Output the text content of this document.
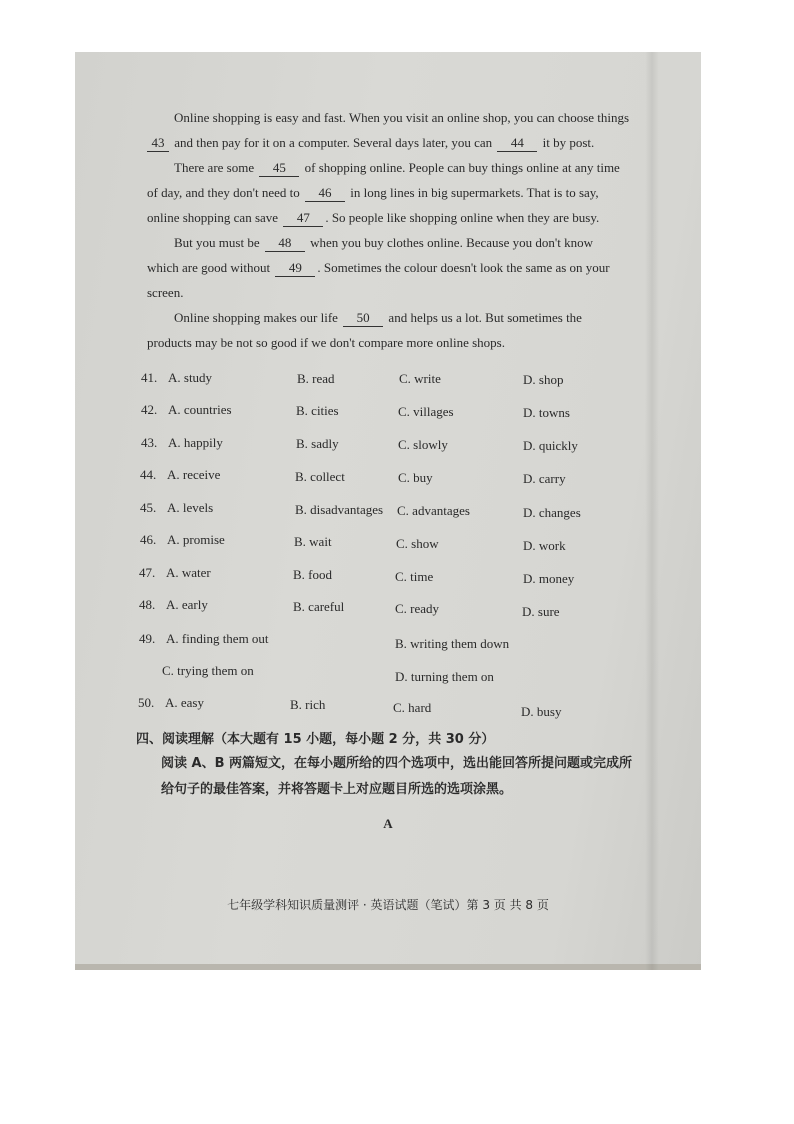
Online shopping is easy and fast. When you visit an online shop, you can choose things
43 and then pay for it on a computer. Several days later, you can 44 it by post.
There are some 45 of shopping online. People can buy things online at any time
of day, and they don't need to 46 in long lines in big supermarkets. That is to say,
online shopping can save 47 . So people like shopping online when they are busy.
But you must be 48 when you buy clothes online. Because you don't know
which are good without 49 . Sometimes the colour doesn't look the same as on your
screen.
Online shopping makes our life 50 and helps us a lot. But sometimes the
products may be not so good if we don't compare more online shops.
41. A. study	B. read	C. write	D. shop
42. A. countries	B. cities	C. villages	D. towns
43. A. happily	B. sadly	C. slowly	D. quickly
44. A. receive	B. collect	C. buy	D. carry
45. A. levels	B. disadvantages C. advantages	D. changes
46. A. promise	B. wait	C. show	D. work
47. A. water	B. food	C. time	D. money
48. A. early	B. careful	C. ready	D. sure
49. A. finding them out	B. writing them down
C. trying them on	D. turning them on
50. A. easy	B. rich	C. hard	D. busy
四、阅读理解（本大题有 15 小题，每小题 2 分，共 30 分）
阅读 A、B 两篇短文，在每小题所给的四个选项中，选出能回答所提问题或完成所
给句子的最佳答案，并将答题卡上对应题目所选的选项涂黑。
A
七年级学科知识质量测评 · 英语试题（笔试）第 3 页 共 8 页
